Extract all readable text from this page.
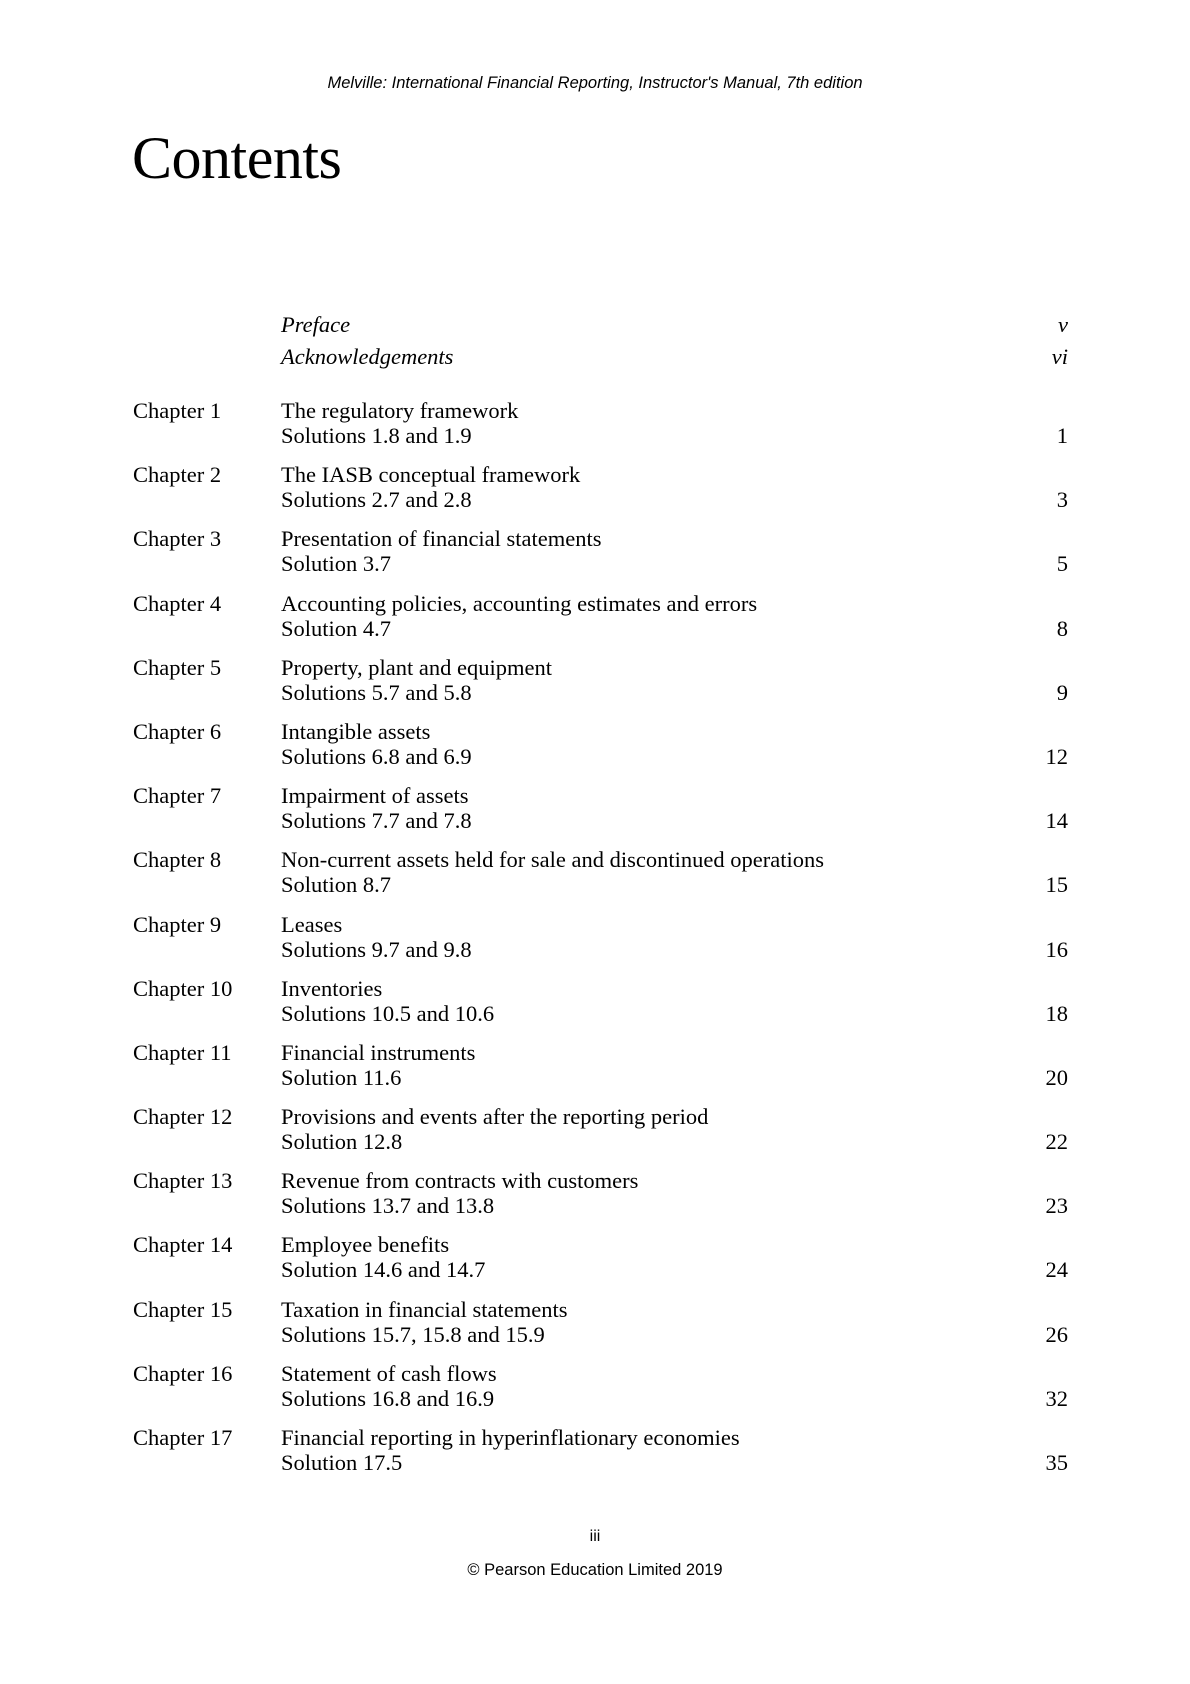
Melville: International Financial Reporting, Instructor's Manual, 7th edition
Contents
Preface	v
Acknowledgements	vi
Chapter 1	The regulatory framework
Solutions 1.8 and 1.9	1
Chapter 2	The IASB conceptual framework
Solutions 2.7 and 2.8	3
Chapter 3	Presentation of financial statements
Solution 3.7	5
Chapter 4	Accounting policies, accounting estimates and errors
Solution 4.7	8
Chapter 5	Property, plant and equipment
Solutions 5.7 and 5.8	9
Chapter 6	Intangible assets
Solutions 6.8 and 6.9	12
Chapter 7	Impairment of assets
Solutions 7.7 and 7.8	14
Chapter 8	Non-current assets held for sale and discontinued operations
Solution 8.7	15
Chapter 9	Leases
Solutions 9.7 and 9.8	16
Chapter 10 Inventories
Solutions 10.5 and 10.6	18
Chapter 11 Financial instruments
Solution 11.6	20
Chapter 12 Provisions and events after the reporting period
Solution 12.8	22
Chapter 13 Revenue from contracts with customers
Solutions 13.7 and 13.8	23
Chapter 14 Employee benefits
Solution 14.6 and 14.7	24
Chapter 15 Taxation in financial statements
Solutions 15.7, 15.8 and 15.9	26
Chapter 16 Statement of cash flows
Solutions 16.8 and 16.9	32
Chapter 17 Financial reporting in hyperinflationary economies
Solution 17.5	35
iii
© Pearson Education Limited 2019
